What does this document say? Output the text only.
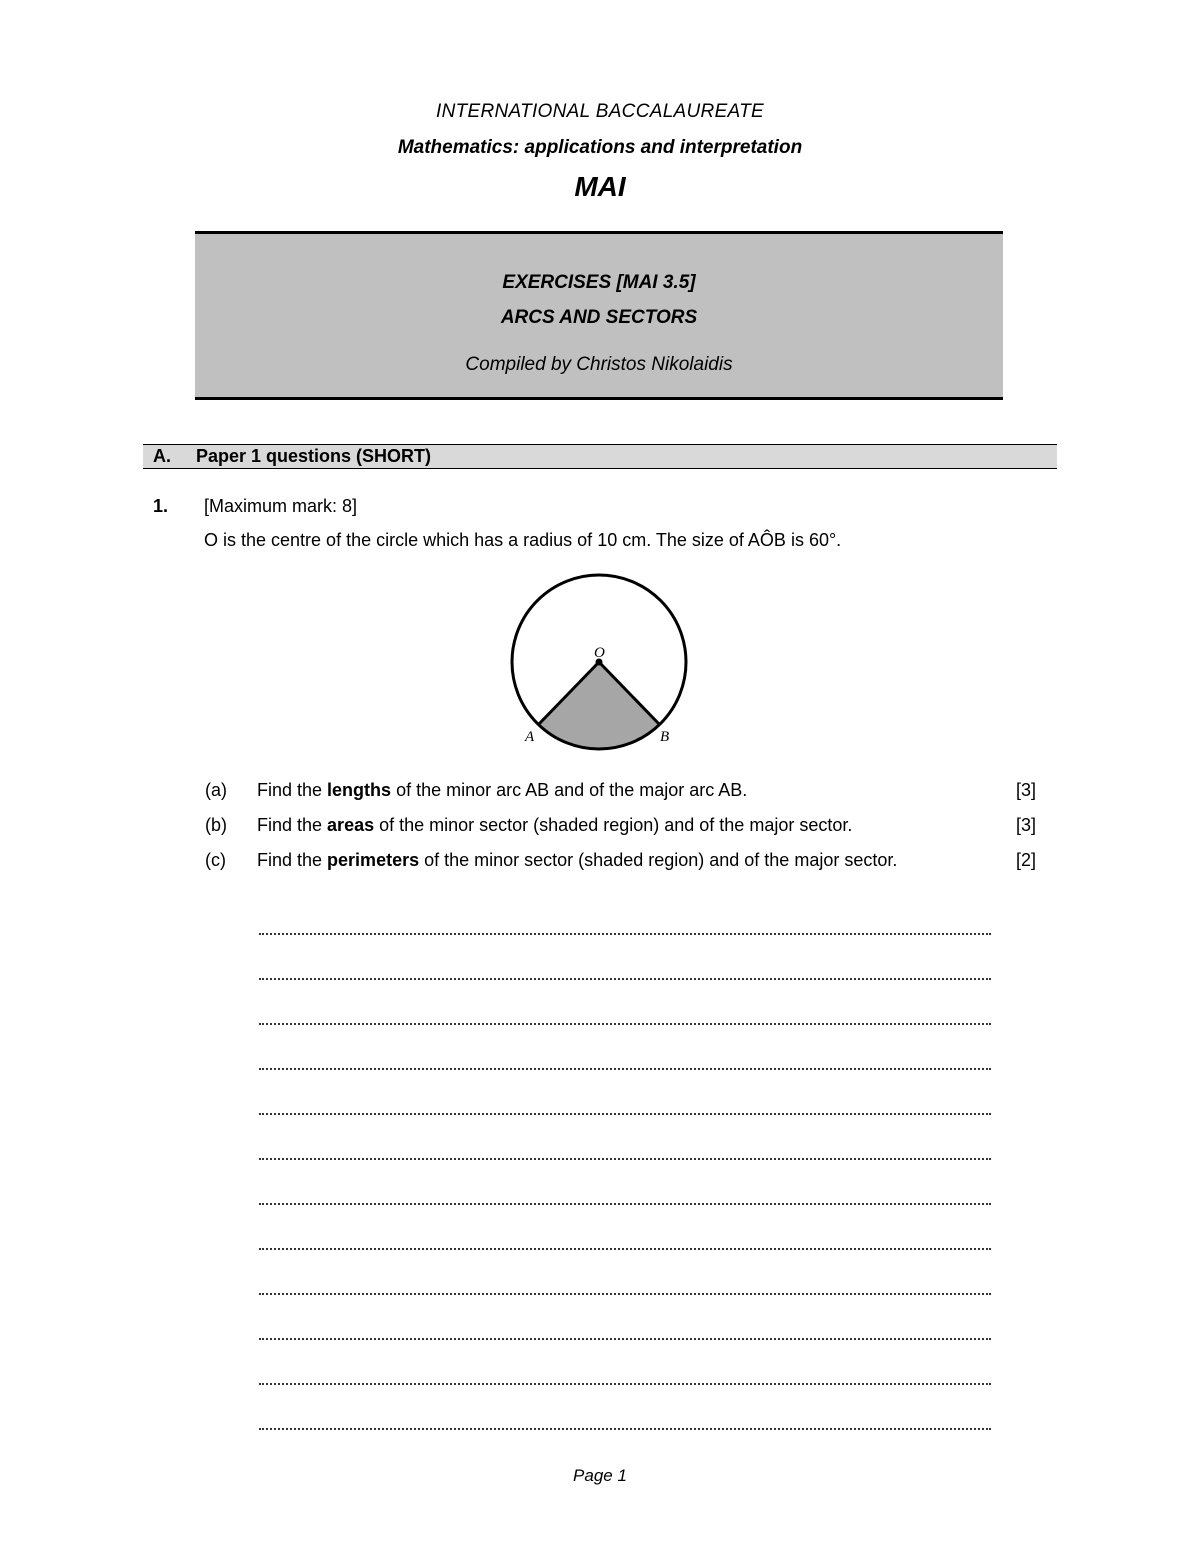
INTERNATIONAL BACCALAUREATE
Mathematics: applications and interpretation
MAI
EXERCISES [MAI 3.5]
ARCS AND SECTORS
Compiled by Christos Nikolaidis
A. Paper 1 questions (SHORT)
1. [Maximum mark: 8]
O is the centre of the circle which has a radius of 10 cm. The size of AÔB is 60°.
O
A	B
(a) Find the lengths of the minor arc AB and of the major arc AB.	[3]
(b) Find the areas of the minor sector (shaded region) and of the major sector.	[3]
(c) Find the perimeters of the minor sector (shaded region) and of the major sector.	[2]
Page 1
